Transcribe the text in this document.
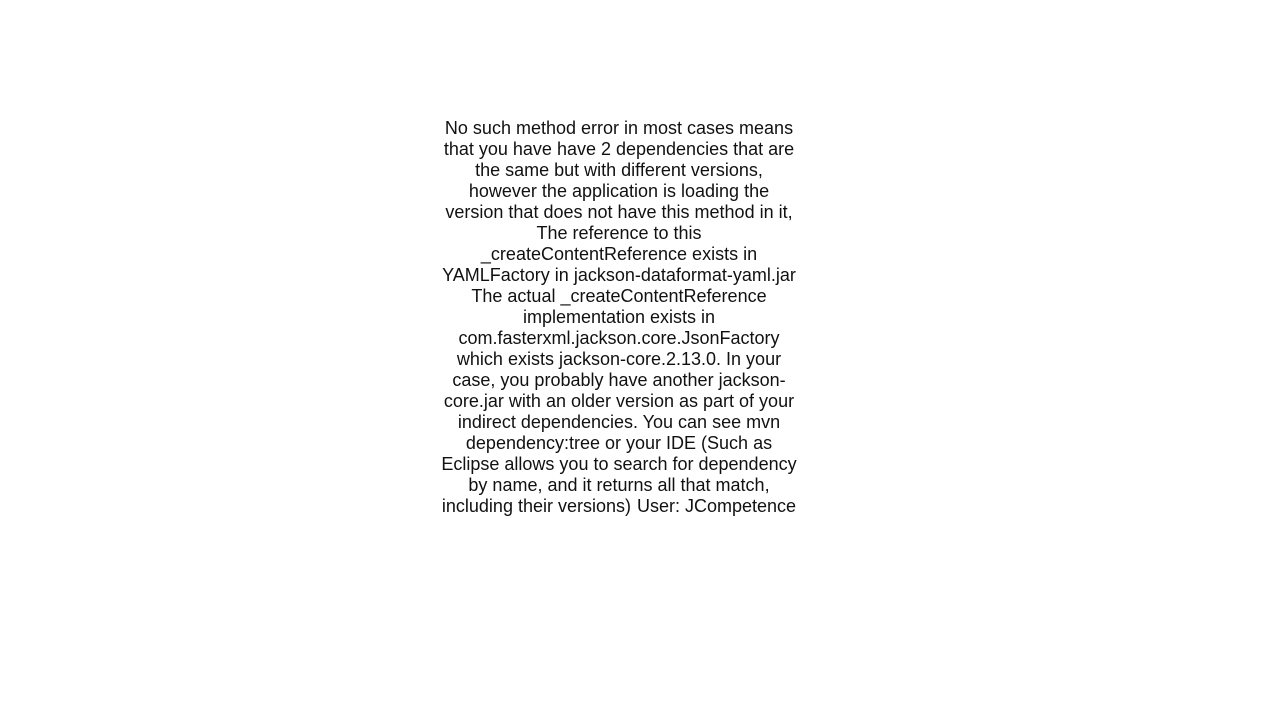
No such method error in most cases means that you have have 2 dependencies that are the same but with different versions, however the application is loading the version that does not have this method in it, The reference to this _createContentReference exists in YAMLFactory in jackson-dataformat-yaml.jar The actual _createContentReference implementation exists in com.fasterxml.jackson.core.JsonFactory which exists jackson-core.2.13.0. In your case, you probably have another jackson-core.jar with an older version as part of your indirect dependencies. You can see mvn dependency:tree or your IDE (Such as Eclipse allows you to search for dependency by name, and it returns all that match, including their versions) User: JCompetence
